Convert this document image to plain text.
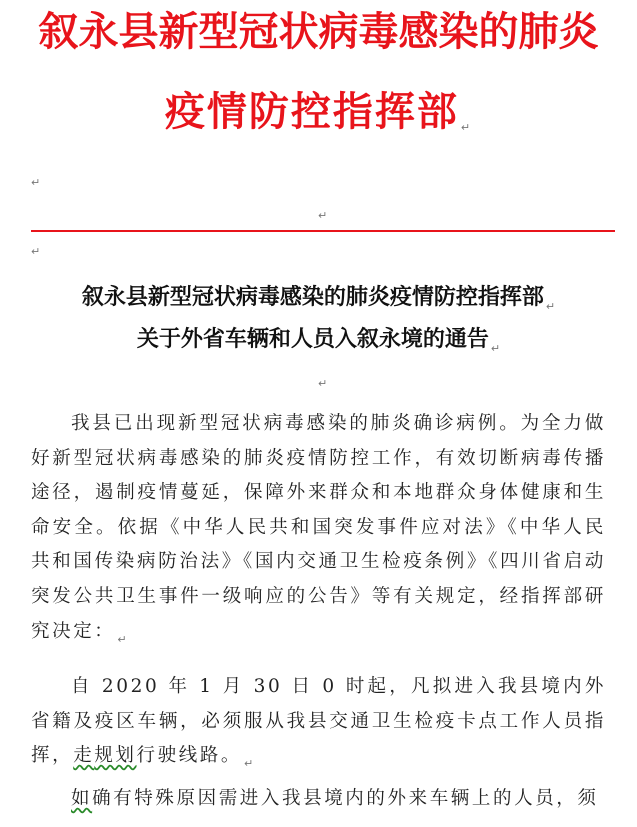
叙永县新型冠状病毒感染的肺炎
疫情防控指挥部 ↵
↵
↵
↵
叙永县新型冠状病毒感染的肺炎疫情防控指挥部 $_↵$
关于外省车辆和人员入叙永境的通告 $_↵$
↵
我县已出现新型冠状病毒感染的肺炎确诊病例。为全力做好新型冠状病毒感染的肺炎疫情防控工作，有效切断病毒传播途径，遏制疫情蔓延，保障外来群众和本地群众身体健康和生命安全。依据《中华人民共和国突发事件应对法》《中华人民共和国传染病防治法》《国内交通卫生检疫条例》《四川省启动突发公共卫生事件一级响应的公告》等有关规定，经指挥部研究决定： $_↵$
自 2020 年 1 月 30 日 0 时起，凡拟进入我县境内外省籍及疫区车辆，必须服从我县交通卫生检疫卡点工作人员指挥，走规划行驶线路。 $_↵$
如确有特殊原因需进入我县境内的外来车辆上的人员，须
